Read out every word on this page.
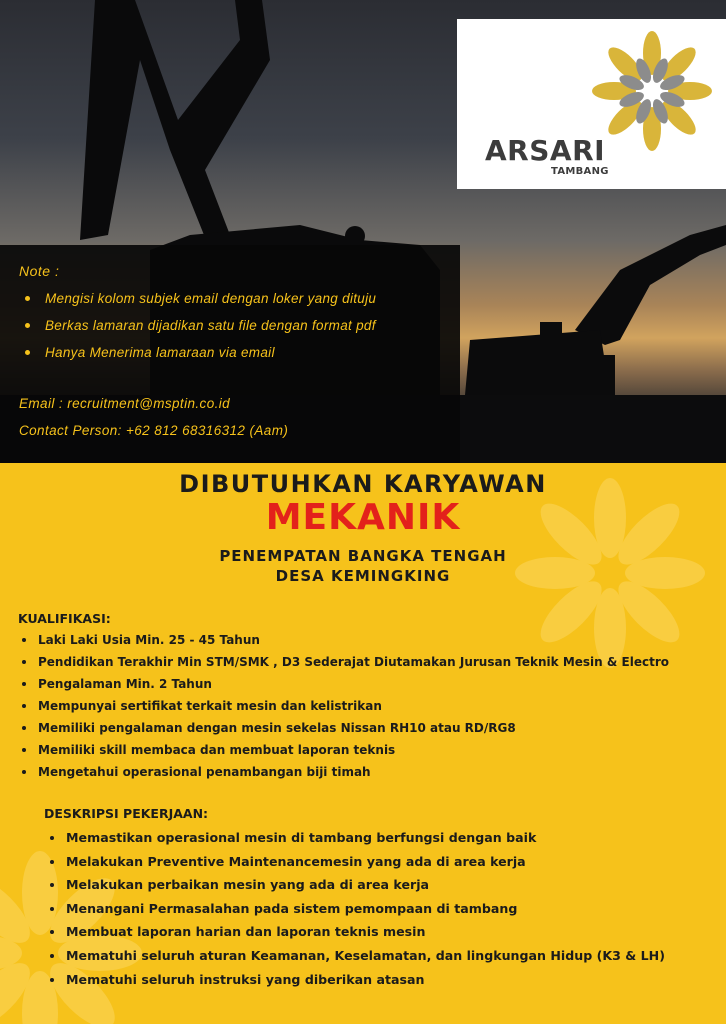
Note :
Mengisi kolom subjek email dengan loker yang dituju
Berkas lamaran dijadikan satu file dengan format pdf
Hanya Menerima lamaraan via email
Email : recruitment@msptin.co.id
Contact Person: +62 812 68316312 (Aam)
ARSARI
TAMBANG
DIBUTUHKAN KARYAWAN
MEKANIK
PENEMPATAN BANGKA TENGAH
DESA KEMINGKING
KUALIFIKASI:
Laki Laki Usia Min. 25 - 45 Tahun
Pendidikan Terakhir Min STM/SMK , D3 Sederajat Diutamakan Jurusan Teknik Mesin & Electro
Pengalaman Min. 2 Tahun
Mempunyai sertifikat terkait mesin dan kelistrikan
Memiliki pengalaman dengan mesin sekelas Nissan RH10 atau RD/RG8
Memiliki skill membaca dan membuat laporan teknis
Mengetahui operasional penambangan biji timah
DESKRIPSI PEKERJAAN:
Memastikan operasional mesin di tambang berfungsi dengan baik
Melakukan Preventive Maintenancemesin yang ada di area kerja
Melakukan perbaikan mesin yang ada di area kerja
Menangani Permasalahan pada sistem pemompaan di tambang
Membuat laporan harian dan laporan teknis mesin
Mematuhi seluruh aturan Keamanan, Keselamatan, dan lingkungan Hidup (K3 & LH)
Mematuhi seluruh instruksi yang diberikan atasan
